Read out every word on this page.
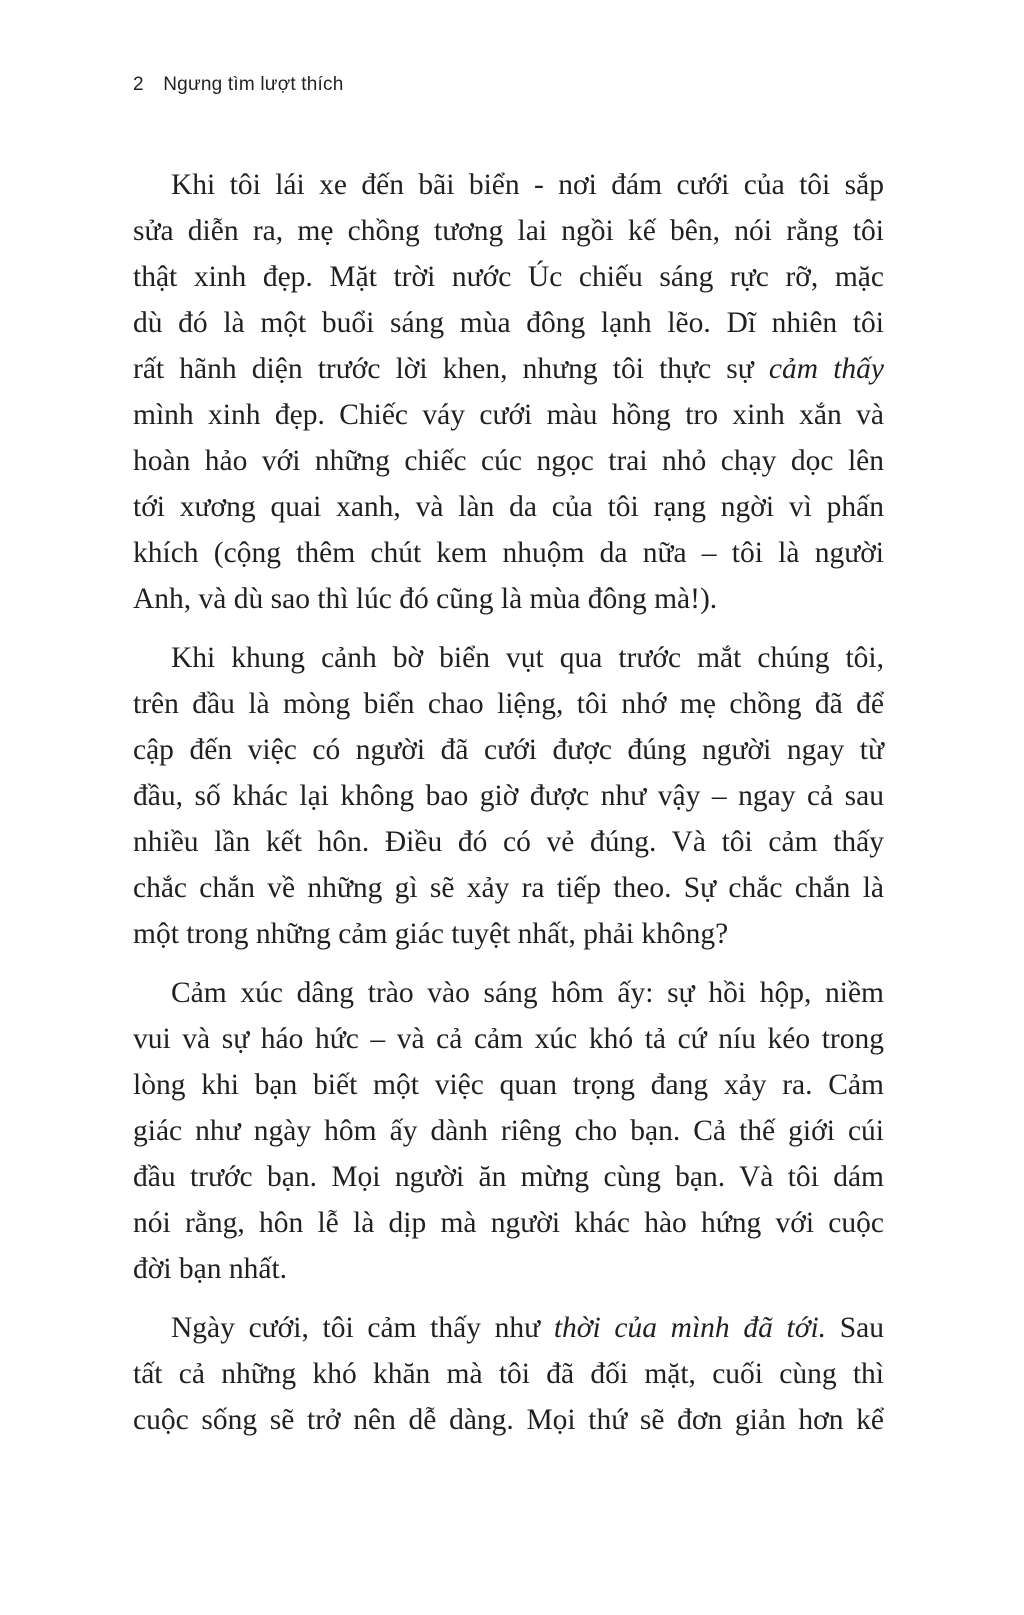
2 Ngưng tìm lượt thích
Khi tôi lái xe đến bãi biển - nơi đám cưới của tôi sắp
sửa diễn ra, mẹ chồng tương lai ngồi kế bên, nói rằng tôi
thật xinh đẹp. Mặt trời nước Úc chiếu sáng rực rỡ, mặc
dù đó là một buổi sáng mùa đông lạnh lẽo. Dĩ nhiên tôi
rất hãnh diện trước lời khen, nhưng tôi thực sự cảm thấy
mình xinh đẹp. Chiếc váy cưới màu hồng tro xinh xắn và
hoàn hảo với những chiếc cúc ngọc trai nhỏ chạy dọc lên
tới xương quai xanh, và làn da của tôi rạng ngời vì phấn
khích (cộng thêm chút kem nhuộm da nữa – tôi là người
Anh, và dù sao thì lúc đó cũng là mùa đông mà!).
Khi khung cảnh bờ biển vụt qua trước mắt chúng tôi,
trên đầu là mòng biển chao liệng, tôi nhớ mẹ chồng đã để
cập đến việc có người đã cưới được đúng người ngay từ
đầu, số khác lại không bao giờ được như vậy – ngay cả sau
nhiều lần kết hôn. Điều đó có vẻ đúng. Và tôi cảm thấy
chắc chắn về những gì sẽ xảy ra tiếp theo. Sự chắc chắn là
một trong những cảm giác tuyệt nhất, phải không?
Cảm xúc dâng trào vào sáng hôm ấy: sự hồi hộp, niềm
vui và sự háo hức – và cả cảm xúc khó tả cứ níu kéo trong
lòng khi bạn biết một việc quan trọng đang xảy ra. Cảm
giác như ngày hôm ấy dành riêng cho bạn. Cả thế giới cúi
đầu trước bạn. Mọi người ăn mừng cùng bạn. Và tôi dám
nói rằng, hôn lễ là dịp mà người khác hào hứng với cuộc
đời bạn nhất.
Ngày cưới, tôi cảm thấy như thời của mình đã tới. Sau
tất cả những khó khăn mà tôi đã đối mặt, cuối cùng thì
cuộc sống sẽ trở nên dễ dàng. Mọi thứ sẽ đơn giản hơn kể
